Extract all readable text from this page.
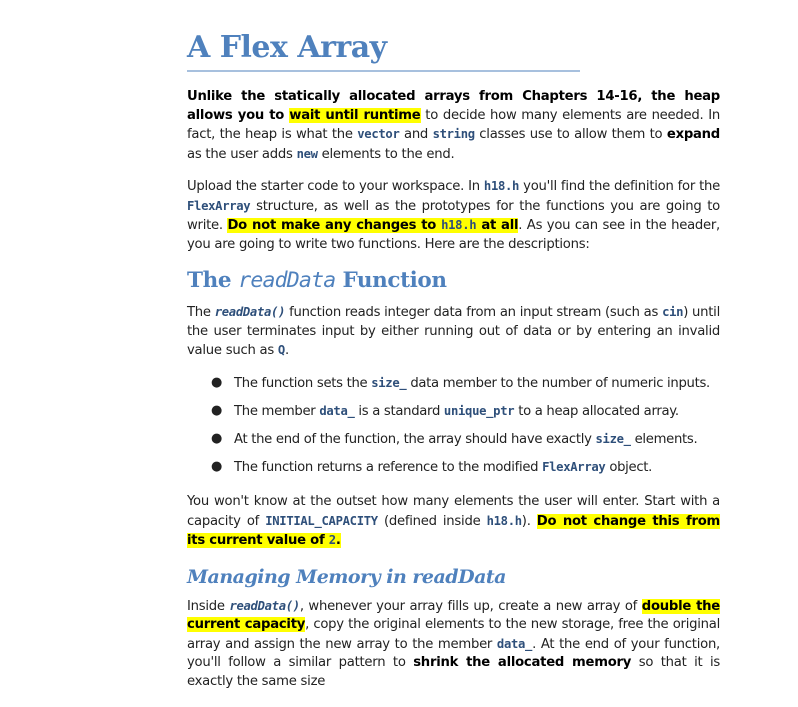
A Flex Array

Unlike the statically allocated arrays from Chapters 14-16, the heap allows you to wait until runtime to decide how many elements are needed. In fact, the heap is what the vector and string classes use to allow them to expand as the user adds new elements to the end.

Upload the starter code to your workspace. In h18.h you'll find the definition for the FlexArray structure, as well as the prototypes for the functions you are going to write. Do not make any changes to h18.h at all. As you can see in the header, you are going to write two functions. Here are the descriptions:

The readData Function

The readData() function reads integer data from an input stream (such as cin) until the user terminates input by either running out of data or by entering an invalid value such as Q.

● The function sets the size_ data member to the number of numeric inputs.
● The member data_ is a standard unique_ptr to a heap allocated array.
● At the end of the function, the array should have exactly size_ elements.
● The function returns a reference to the modified FlexArray object.

You won't know at the outset how many elements the user will enter. Start with a capacity of INITIAL_CAPACITY (defined inside h18.h). Do not change this from its current value of 2.

Managing Memory in readData

Inside readData(), whenever your array fills up, create a new array of double the current capacity, copy the original elements to the new storage, free the original array and assign the new array to the member data_. At the end of your function, you'll follow a similar pattern to shrink the allocated memory so that it is exactly the same size
